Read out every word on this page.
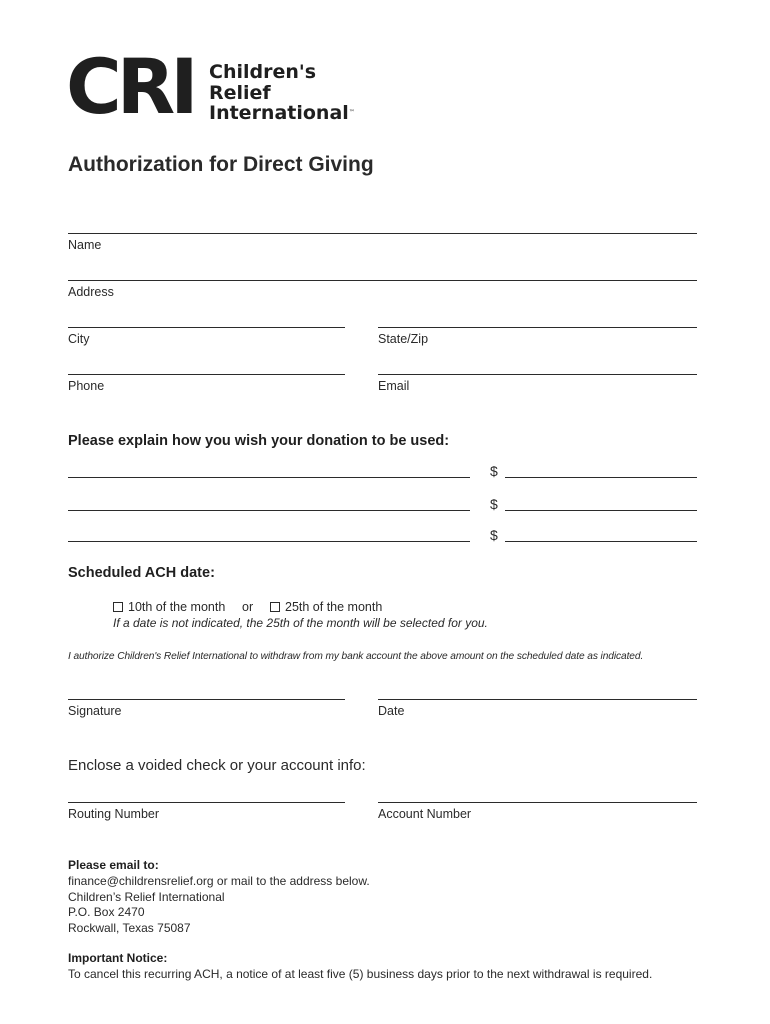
CRI Children's
Relief
International™
Authorization for Direct Giving
Name
Address
City	State/Zip
Phone	Email
Please explain how you wish your donation to be used:
$
$
$
Scheduled ACH date:
10th of the month or	25th of the month
If a date is not indicated, the 25th of the month will be selected for you.
I authorize Children's Relief International to withdraw from my bank account the above amount on the scheduled date as indicated.
Signature	Date
Enclose a voided check or your account info:
Routing Number	Account Number
Please email to:
finance@childrensrelief.org or mail to the address below.
Children’s Relief International
P.O. Box 2470
Rockwall, Texas 75087
Important Notice:
To cancel this recurring ACH, a notice of at least five (5) business days prior to the next withdrawal is required.
